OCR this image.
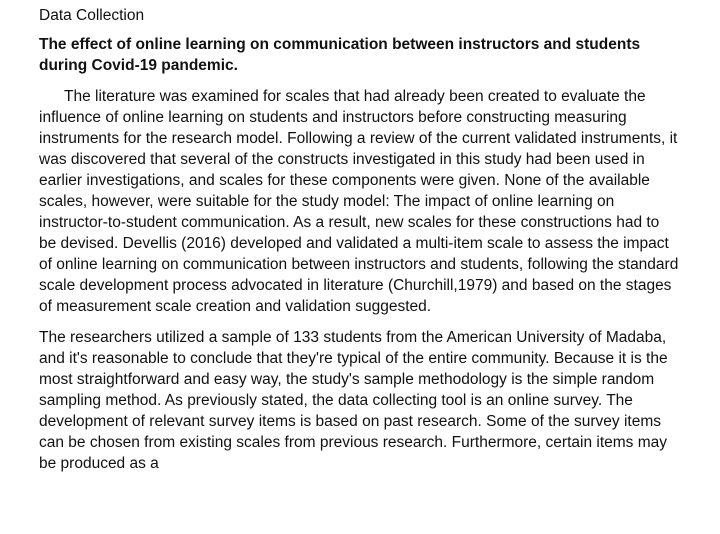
Data Collection
The effect of online learning on communication between instructors and students during Covid-19 pandemic.

The literature was examined for scales that had already been created to evaluate the influence of online learning on students and instructors before constructing measuring instruments for the research model. Following a review of the current validated instruments, it was discovered that several of the constructs investigated in this study had been used in earlier investigations, and scales for these components were given. None of the available scales, however, were suitable for the study model: The impact of online learning on instructor-to-student communication. As a result, new scales for these constructions had to be devised. Devellis (2016) developed and validated a multi-item scale to assess the impact of online learning on communication between instructors and students, following the standard scale development process advocated in literature (Churchill,1979) and based on the stages of measurement scale creation and validation suggested.

The researchers utilized a sample of 133 students from the American University of Madaba, and it's reasonable to conclude that they're typical of the entire community. Because it is the most straightforward and easy way, the study's sample methodology is the simple random sampling method. As previously stated, the data collecting tool is an online survey. The development of relevant survey items is based on past research. Some of the survey items can be chosen from existing scales from previous research. Furthermore, certain items may be produced as a
